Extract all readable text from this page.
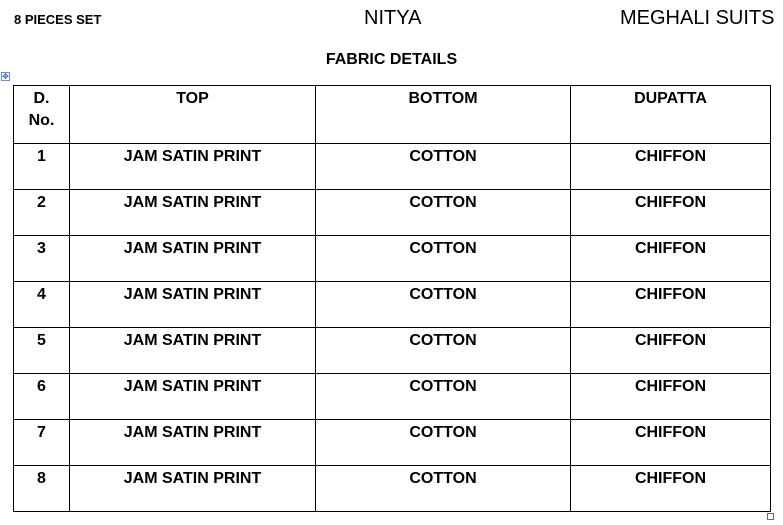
8 PIECES SET	NITYA	MEGHALI SUITS
FABRIC DETAILS
✥
D. No.	TOP	BOTTOM	DUPATTA

1	JAM SATIN PRINT	COTTON	CHIFFON

2	JAM SATIN PRINT	COTTON	CHIFFON

3	JAM SATIN PRINT	COTTON	CHIFFON

4	JAM SATIN PRINT	COTTON	CHIFFON

5	JAM SATIN PRINT	COTTON	CHIFFON

6	JAM SATIN PRINT	COTTON	CHIFFON

7	JAM SATIN PRINT	COTTON	CHIFFON

8	JAM SATIN PRINT	COTTON	CHIFFON
